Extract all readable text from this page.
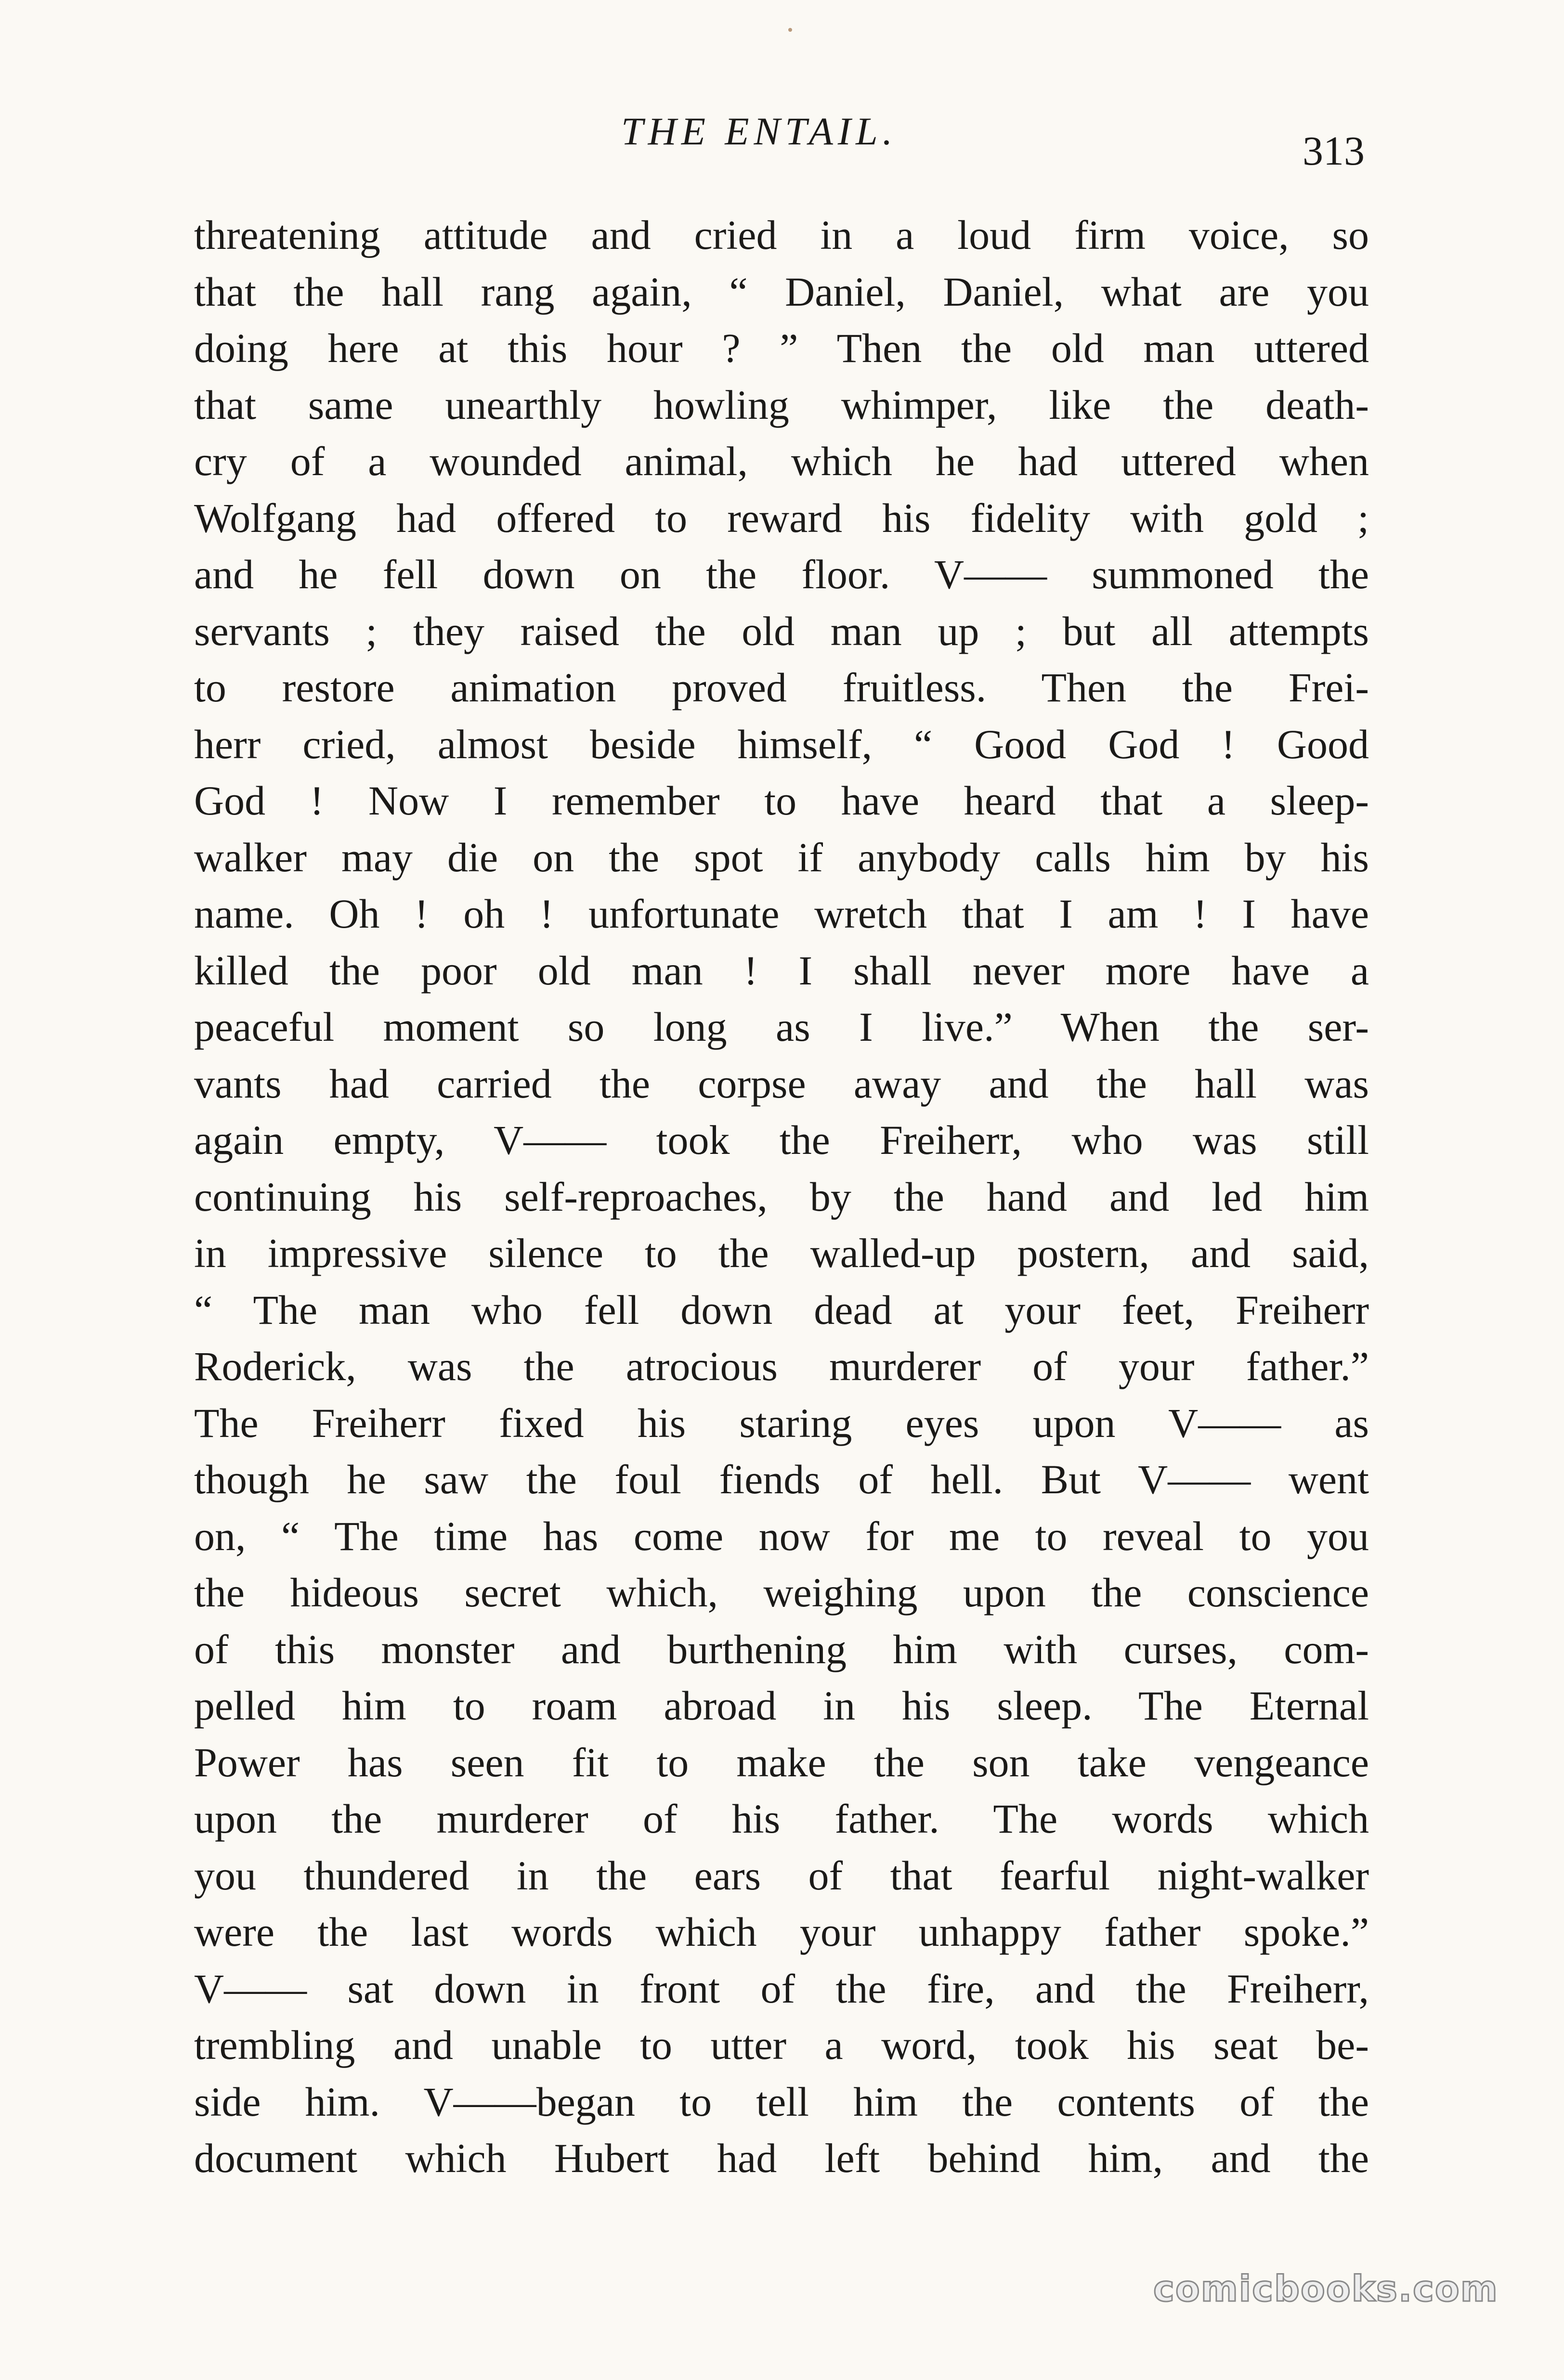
THE ENTAIL.	313
threatening attitude and cried in a loud firm voice, so
that the hall rang again, “ Daniel, Daniel, what are you
doing here at this hour ? ” Then the old man uttered
that same unearthly howling whimper, like the death-
cry of a wounded animal, which he had uttered when
Wolfgang had offered to reward his fidelity with gold ;
and he fell down on the floor. V—— summoned the
servants ; they raised the old man up ; but all attempts
to restore animation proved fruitless. Then the Frei-
herr cried, almost beside himself, “ Good God ! Good
God ! Now I remember to have heard that a sleep-
walker may die on the spot if anybody calls him by his
name. Oh ! oh ! unfortunate wretch that I am ! I have
killed the poor old man ! I shall never more have a
peaceful moment so long as I live.” When the ser-
vants had carried the corpse away and the hall was
again empty, V—— took the Freiherr, who was still
continuing his self-reproaches, by the hand and led him
in impressive silence to the walled-up postern, and said,
“ The man who fell down dead at your feet, Freiherr
Roderick, was the atrocious murderer of your father.”
The Freiherr fixed his staring eyes upon V—— as
though he saw the foul fiends of hell. But V—— went
on, “ The time has come now for me to reveal to you
the hideous secret which, weighing upon the conscience
of this monster and burthening him with curses, com-
pelled him to roam abroad in his sleep. The Eternal
Power has seen fit to make the son take vengeance
upon the murderer of his father. The words which
you thundered in the ears of that fearful night-walker
were the last words which your unhappy father spoke.”
V—— sat down in front of the fire, and the Freiherr,
trembling and unable to utter a word, took his seat be-
side him. V——began to tell him the contents of the
document which Hubert had left behind him, and the
comicbooks.com
